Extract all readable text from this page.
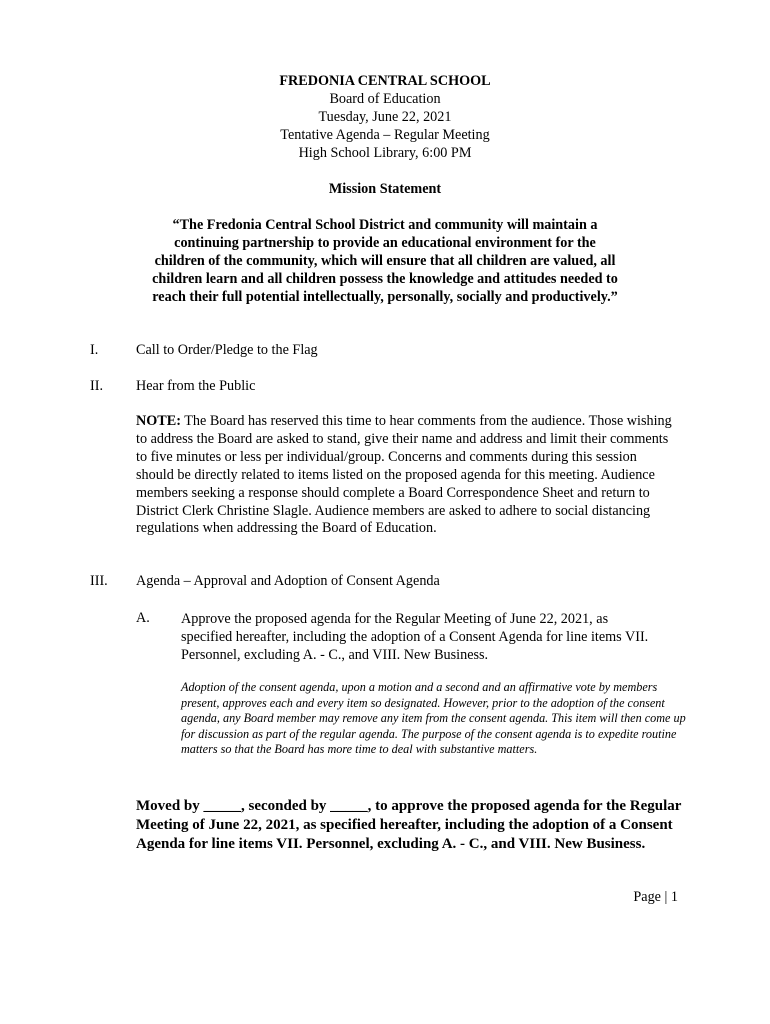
FREDONIA CENTRAL SCHOOL
Board of Education
Tuesday, June 22, 2021
Tentative Agenda – Regular Meeting
High School Library, 6:00 PM
Mission Statement
“The Fredonia Central School District and community will maintain a continuing partnership to provide an educational environment for the children of the community, which will ensure that all children are valued, all children learn and all children possess the knowledge and attitudes needed to reach their full potential intellectually, personally, socially and productively.”
I.	Call to Order/Pledge to the Flag
II. Hear from the Public
NOTE: The Board has reserved this time to hear comments from the audience. Those wishing to address the Board are asked to stand, give their name and address and limit their comments to five minutes or less per individual/group. Concerns and comments during this session should be directly related to items listed on the proposed agenda for this meeting. Audience members seeking a response should complete a Board Correspondence Sheet and return to District Clerk Christine Slagle. Audience members are asked to adhere to social distancing regulations when addressing the Board of Education.
III. Agenda – Approval and Adoption of Consent Agenda
A. Approve the proposed agenda for the Regular Meeting of June 22, 2021, as specified hereafter, including the adoption of a Consent Agenda for line items VII. Personnel, excluding A. - C., and VIII. New Business.
Adoption of the consent agenda, upon a motion and a second and an affirmative vote by members present, approves each and every item so designated. However, prior to the adoption of the consent agenda, any Board member may remove any item from the consent agenda. This item will then come up for discussion as part of the regular agenda. The purpose of the consent agenda is to expedite routine matters so that the Board has more time to deal with substantive matters.
Moved by _____, seconded by _____, to approve the proposed agenda for the Regular Meeting of June 22, 2021, as specified hereafter, including the adoption of a Consent Agenda for line items VII. Personnel, excluding A. - C., and VIII. New Business.
Page | 1
